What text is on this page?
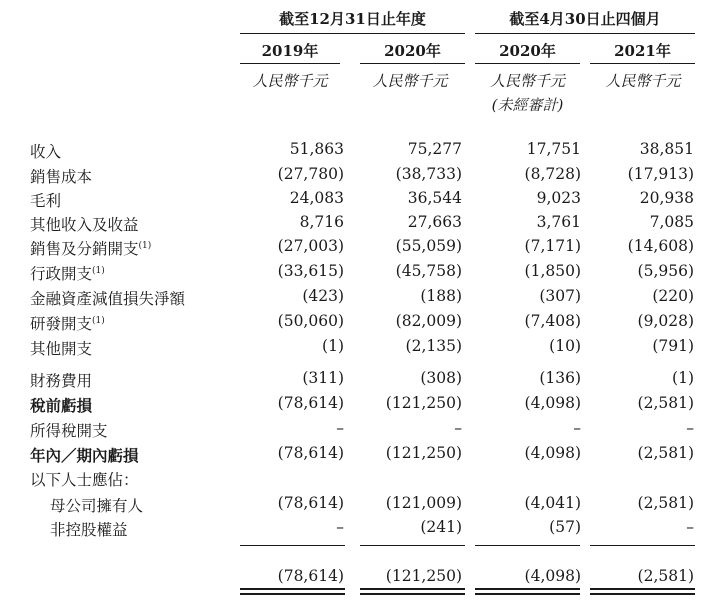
截至12月31日止年度	截至4月30日止四個月
2019年	2020年	2020年	2021年
人民幣千元	人民幣千元	人民幣千元	人民幣千元
(未經審計)
收入	51,863	75,277	17,751	38,851
銷售成本	(27,780)	(38,733)	(8,728)	(17,913)
毛利	24,083	36,544	9,023	20,938
其他收入及收益	8,716	27,663	3,761	7,085
銷售及分銷開支$^{(1)}$	(27,003)	(55,059)	(7,171)	(14,608)
行政開支$^{(1)}$	(33,615)	(45,758)	(1,850)	(5,956)
金融資產減值損失淨額	(423)	(188)	(307)	(220)
研發開支$^{(1)}$	(50,060)	(82,009)	(7,408)	(9,028)
其他開支	(1)	(2,135)	(10)	(791)
財務費用	(311)	(308)	(136)	(1)
稅前虧損	(78,614)	(121,250)	(4,098)	(2,581)
所得稅開支	–	–	–	–
年內／期內虧損	(78,614)	(121,250)	(4,098)	(2,581)
以下人士應佔：
母公司擁有人	(78,614)	(121,009)	(4,041)	(2,581)
非控股權益	–	(241)	(57)	–
(78,614)	(121,250)	(4,098)	(2,581)
